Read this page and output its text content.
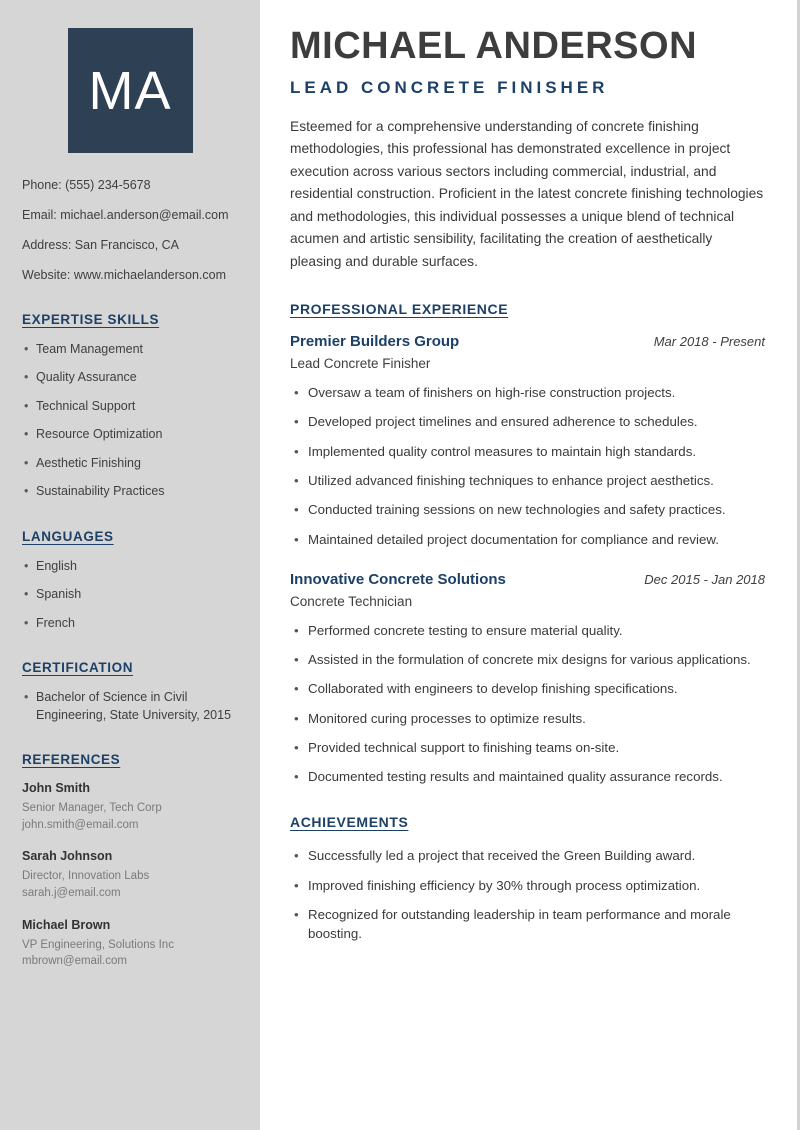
MA
Phone: (555) 234-5678
Email: michael.anderson@email.com
Address: San Francisco, CA
Website: www.michaelanderson.com
EXPERTISE SKILLS
• Team Management
• Quality Assurance
• Technical Support
• Resource Optimization
• Aesthetic Finishing
• Sustainability Practices
LANGUAGES
• English
• Spanish
• French
CERTIFICATION
• Bachelor of Science in Civil Engineering, State University, 2015
REFERENCES
John Smith
Senior Manager, Tech Corp
john.smith@email.com
Sarah Johnson
Director, Innovation Labs
sarah.j@email.com
Michael Brown
VP Engineering, Solutions Inc
mbrown@email.com
MICHAEL ANDERSON
LEAD CONCRETE FINISHER

Esteemed for a comprehensive understanding of concrete finishing methodologies, this professional has demonstrated excellence in project execution across various sectors including commercial, industrial, and residential construction. Proficient in the latest concrete finishing technologies and methodologies, this individual possesses a unique blend of technical acumen and artistic sensibility, facilitating the creation of aesthetically pleasing and durable surfaces.

PROFESSIONAL EXPERIENCE
Premier Builders Group	Mar 2018 - Present
Lead Concrete Finisher
• Oversaw a team of finishers on high-rise construction projects.
• Developed project timelines and ensured adherence to schedules.
• Implemented quality control measures to maintain high standards.
• Utilized advanced finishing techniques to enhance project aesthetics.
• Conducted training sessions on new technologies and safety practices.
• Maintained detailed project documentation for compliance and review.
Innovative Concrete Solutions	Dec 2015 - Jan 2018
Concrete Technician
• Performed concrete testing to ensure material quality.
• Assisted in the formulation of concrete mix designs for various applications.
• Collaborated with engineers to develop finishing specifications.
• Monitored curing processes to optimize results.
• Provided technical support to finishing teams on-site.
• Documented testing results and maintained quality assurance records.
ACHIEVEMENTS
• Successfully led a project that received the Green Building award.
• Improved finishing efficiency by 30% through process optimization.
• Recognized for outstanding leadership in team performance and morale boosting.
